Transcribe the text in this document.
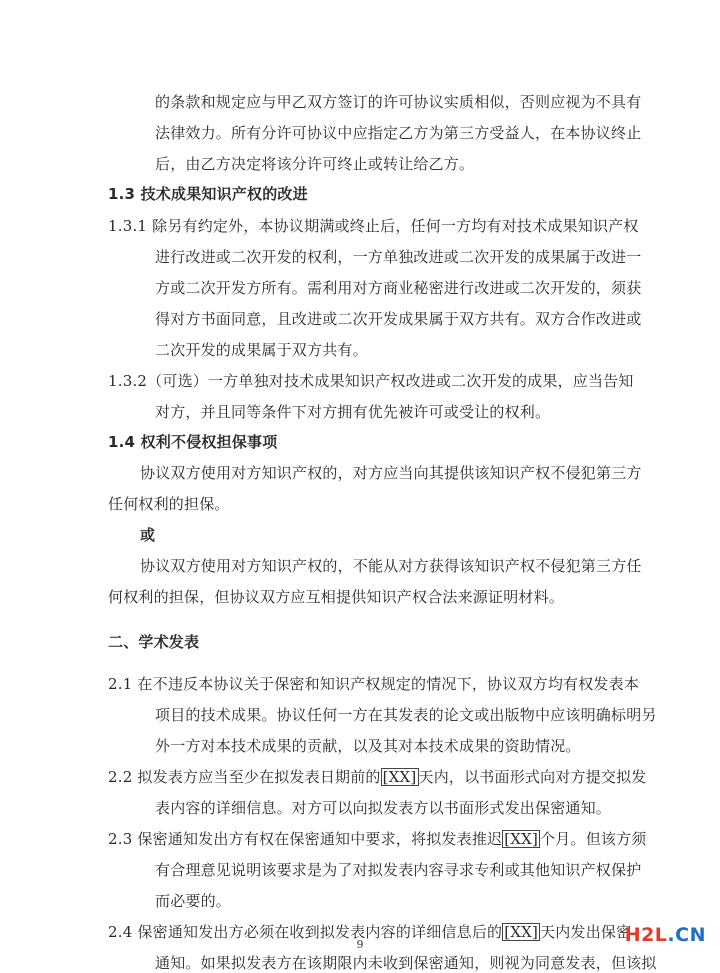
的条款和规定应与甲乙双方签订的许可协议实质相似，否则应视为不具有
法律效力。所有分许可协议中应指定乙方为第三方受益人，在本协议终止
后，由乙方决定将该分许可终止或转让给乙方。
1.3 技术成果知识产权的改进
1.3.1 除另有约定外，本协议期满或终止后，任何一方均有对技术成果知识产权
进行改进或二次开发的权利，一方单独改进或二次开发的成果属于改进一
方或二次开发方所有。需利用对方商业秘密进行改进或二次开发的，须获
得对方书面同意，且改进或二次开发成果属于双方共有。双方合作改进或
二次开发的成果属于双方共有。
1.3.2（可选）一方单独对技术成果知识产权改进或二次开发的成果，应当告知
对方，并且同等条件下对方拥有优先被许可或受让的权利。
1.4 权利不侵权担保事项
协议双方使用对方知识产权的，对方应当向其提供该知识产权不侵犯第三方
任何权利的担保。
或
协议双方使用对方知识产权的，不能从对方获得该知识产权不侵犯第三方任
何权利的担保，但协议双方应互相提供知识产权合法来源证明材料。
二、学术发表
2.1 在不违反本协议关于保密和知识产权规定的情况下，协议双方均有权发表本
项目的技术成果。协议任何一方在其发表的论文或出版物中应该明确标明另
外一方对本技术成果的贡献，以及其对本技术成果的资助情况。
2.2 拟发表方应当至少在拟发表日期前的 [XX] 天内，以书面形式向对方提交拟发
表内容的详细信息。对方可以向拟发表方以书面形式发出保密通知。
2.3 保密通知发出方有权在保密通知中要求，将拟发表推迟 [XX] 个月。但该方须
有合理意见说明该要求是为了对拟发表内容寻求专利或其他知识产权保护
而必要的。
2.4 保密通知发出方必须在收到拟发表内容的详细信息后的 [XX] 天内发出保密
通知。如果拟发表方在该期限内未收到保密通知，则视为同意发表，但该拟
9	H2L.CN
